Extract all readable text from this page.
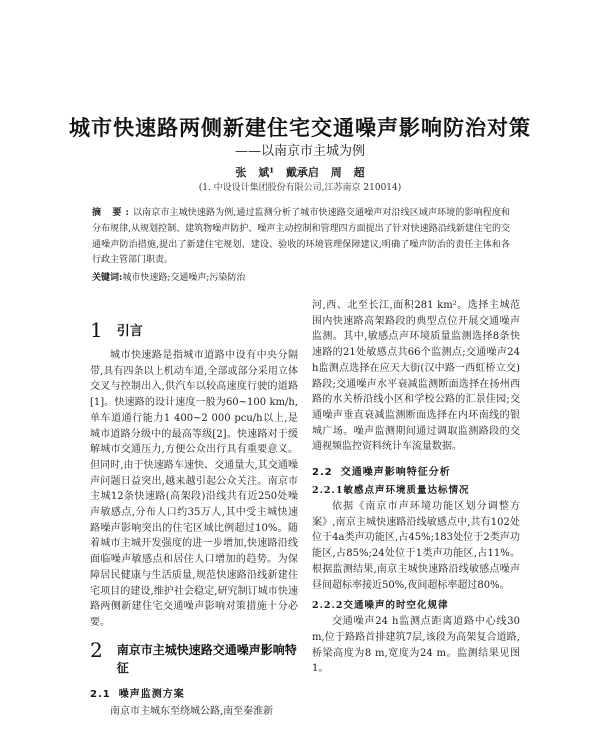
城市快速路两侧新建住宅交通噪声影响防治对策
——以南京市主城为例
张 斌¹ 戴承启 周 超
(1. 中设设计集团股份有限公司,江苏南京 210014)
摘 要:以南京市主城快速路为例,通过监测分析了城市快速路交通噪声对沿线区域声环境的影响程度和分布规律,从规划控制、建筑物噪声防护、噪声主动控制和管理四方面提出了针对快速路沿线新建住宅的交通噪声防治措施,提出了新建住宅规划、建设、验收的环境管理保障建议,明确了噪声防治的责任主体和各行政主管部门职责。
关键词:城市快速路;交通噪声;污染防治
1 引言

城市快速路是指城市道路中设有中央分隔带,具有四条以上机动车道,全部或部分采用立体交叉与控制出入,供汽车以较高速度行驶的道路[1]。快速路的设计速度一般为60~100 km/h,单车道通行能力1 400~2 000 pcu/h以上,是城市道路分级中的最高等级[2]。快速路对于缓解城市交通压力,方便公众出行具有重要意义。但同时,由于快速路车速快、交通量大,其交通噪声问题日益突出,越来越引起公众关注。南京市主城12条快速路(高架段)沿线共有近250处噪声敏感点,分布人口约35万人,其中受主城快速路噪声影响突出的住宅区域比例超过10%。随着城市主城开发强度的进一步增加,快速路沿线面临噪声敏感点和居住人口增加的趋势。为保障居民健康与生活质量,规范快速路沿线新建住宅项目的建设,维护社会稳定,研究制订城市快速路两侧新建住宅交通噪声影响对策措施十分必要。

2 南京市主城快速路交通噪声影响特征
2.1 噪声监测方案

南京市主城东至绕城公路,南至秦淮新

河,西、北至长江,面积281 km²。选择主城范围内快速路高架路段的典型点位开展交通噪声监测。其中,敏感点声环境质量监测选择8条快速路的21处敏感点共66个监测点;交通噪声24 h监测点选择在应天大街(汉中路一西虹桥立交)路段;交通噪声水平衰减监测断面选择在扬州西路的水关桥沿线小区和学校公路的汇景佳园;交通噪声垂直衰减监测断面选择在内环南线的银城广场。噪声监测期间通过调取监测路段的交通视频监控资料统计车流量数据。

2.2 交通噪声影响特征分析
2.2.1敏感点声环境质量达标情况

依据《南京市声环境功能区划分调整方案》,南京主城快速路沿线敏感点中,共有102处位于4a类声功能区,占45%;183处位于2类声功能区,占85%;24处位于1类声功能区,占11%。根据监测结果,南京主城快速路沿线敏感点噪声昼间超标率接近50%,夜间超标率超过80%。

2.2.2交通噪声的时空化规律

交通噪声24 h监测点距离道路中心线30 m,位于路路首排建筑7层,该段为高架复合道路,桥梁高度为8 m,宽度为24 m。监测结果见图1。
